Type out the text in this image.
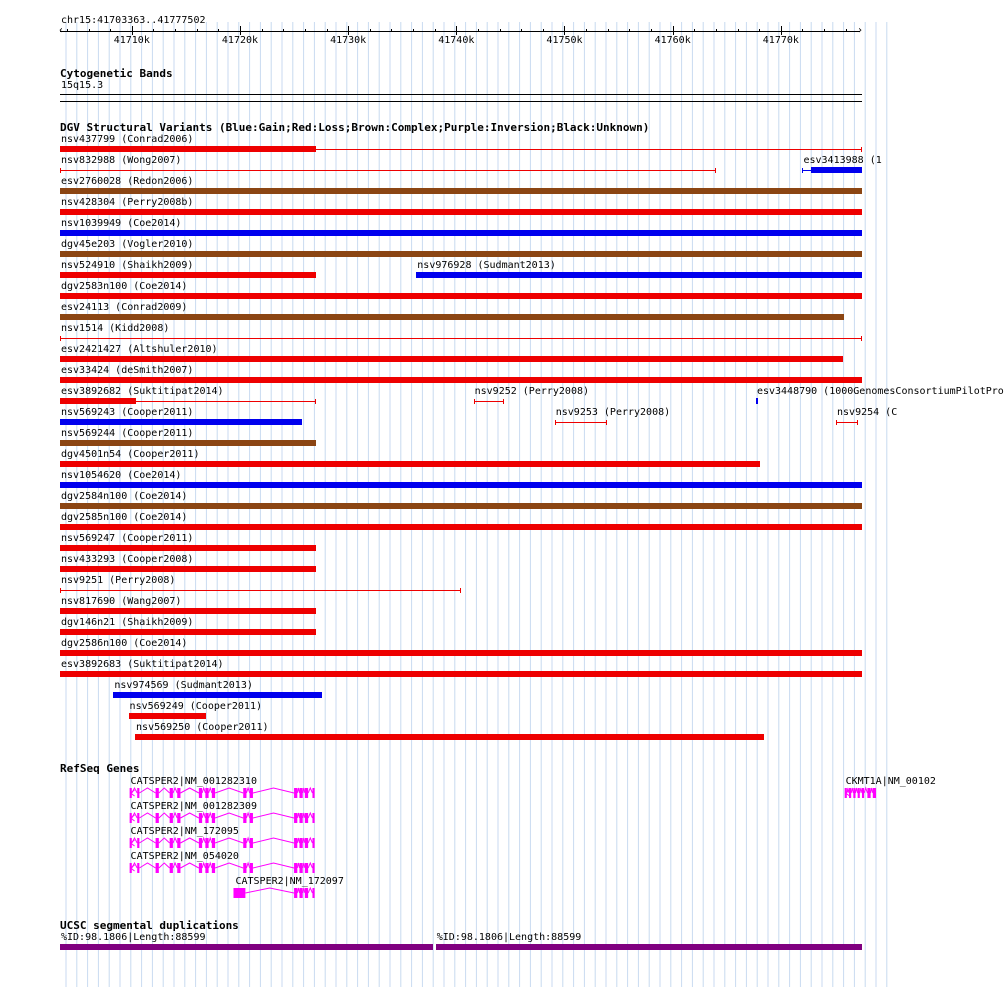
chr15:41703363..41777502
41710k	41720k	41730k	41740k	41750k	41760k	41770k
‹	›
Cytogenetic Bands
15q15.3
DGV Structural Variants (Blue:Gain;Red:Loss;Brown:Complex;Purple:Inversion;Black:Unknown)
nsv437799 (Conrad2006)
nsv832988 (Wong2007)	esv3413988 (1
esv2760028 (Redon2006)
nsv428304 (Perry2008b)
nsv1039949 (Coe2014)
dgv45e203 (Vogler2010)
nsv524910 (Shaikh2009)	nsv976928 (Sudmant2013)
dgv2583n100 (Coe2014)
esv24113 (Conrad2009)
nsv1514 (Kidd2008)
esv2421427 (Altshuler2010)
esv33424 (deSmith2007)
esv3892682 (Suktitipat2014)	nsv9252 (Perry2008)	esv3448790 (1000GenomesConsortiumPilotPro
nsv569243 (Cooper2011)	nsv9253 (Perry2008)	nsv9254 (C
nsv569244 (Cooper2011)
dgv4501n54 (Cooper2011)
nsv1054620 (Coe2014)
dgv2584n100 (Coe2014)
dgv2585n100 (Coe2014)
nsv569247 (Cooper2011)
nsv433293 (Cooper2008)
nsv9251 (Perry2008)
nsv817690 (Wang2007)
dgv146n21 (Shaikh2009)
dgv2586n100 (Coe2014)
esv3892683 (Suktitipat2014)
nsv974569 (Sudmant2013)
nsv569249 (Cooper2011)
nsv569250 (Cooper2011)
RefSeq Genes
CATSPER2|NM_001282310	CKMT1A|NM_00102
CATSPER2|NM_001282309
CATSPER2|NM_172095
CATSPER2|NM_054020
CATSPER2|NM_172097
UCSC segmental duplications
%ID:98.1806|Length:88599	%ID:98.1806|Length:88599
